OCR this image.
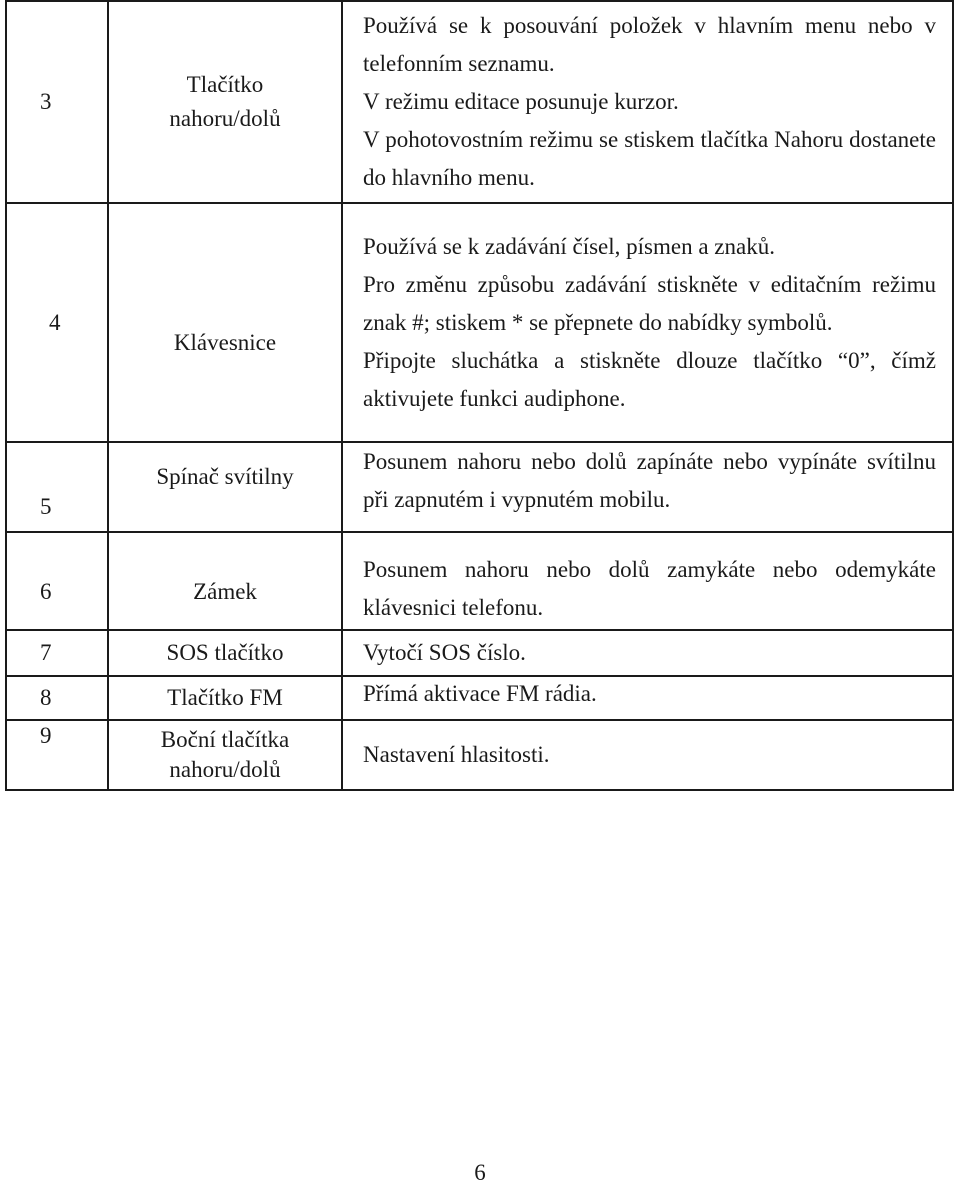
3	Tlačítko nahoru/dolů	Používá se k posouvání položek v hlavním menu nebo v telefonním seznamu.
V režimu editace posunuje kurzor.
V pohotovostním režimu se stiskem tlačítka Nahoru dostanete do hlavního menu.

4	Klávesnice	Používá se k zadávání čísel, písmen a znaků.
Pro změnu způsobu zadávání stiskněte v editačním režimu znak #; stiskem * se přepnete do nabídky symbolů.
Připojte sluchátka a stiskněte dlouze tlačítko “0”, čímž aktivujete funkci audiphone.

5	Spínač svítilny	Posunem nahoru nebo dolů zapínáte nebo vypínáte svítilnu při zapnutém i vypnutém mobilu.

6	Zámek	Posunem nahoru nebo dolů zamykáte nebo odemykáte klávesnici telefonu.

7	SOS tlačítko	Vytočí SOS číslo.

8	Tlačítko FM	Přímá aktivace FM rádia.

9	Boční tlačítka nahoru/dolů	Nastavení hlasitosti.
6
